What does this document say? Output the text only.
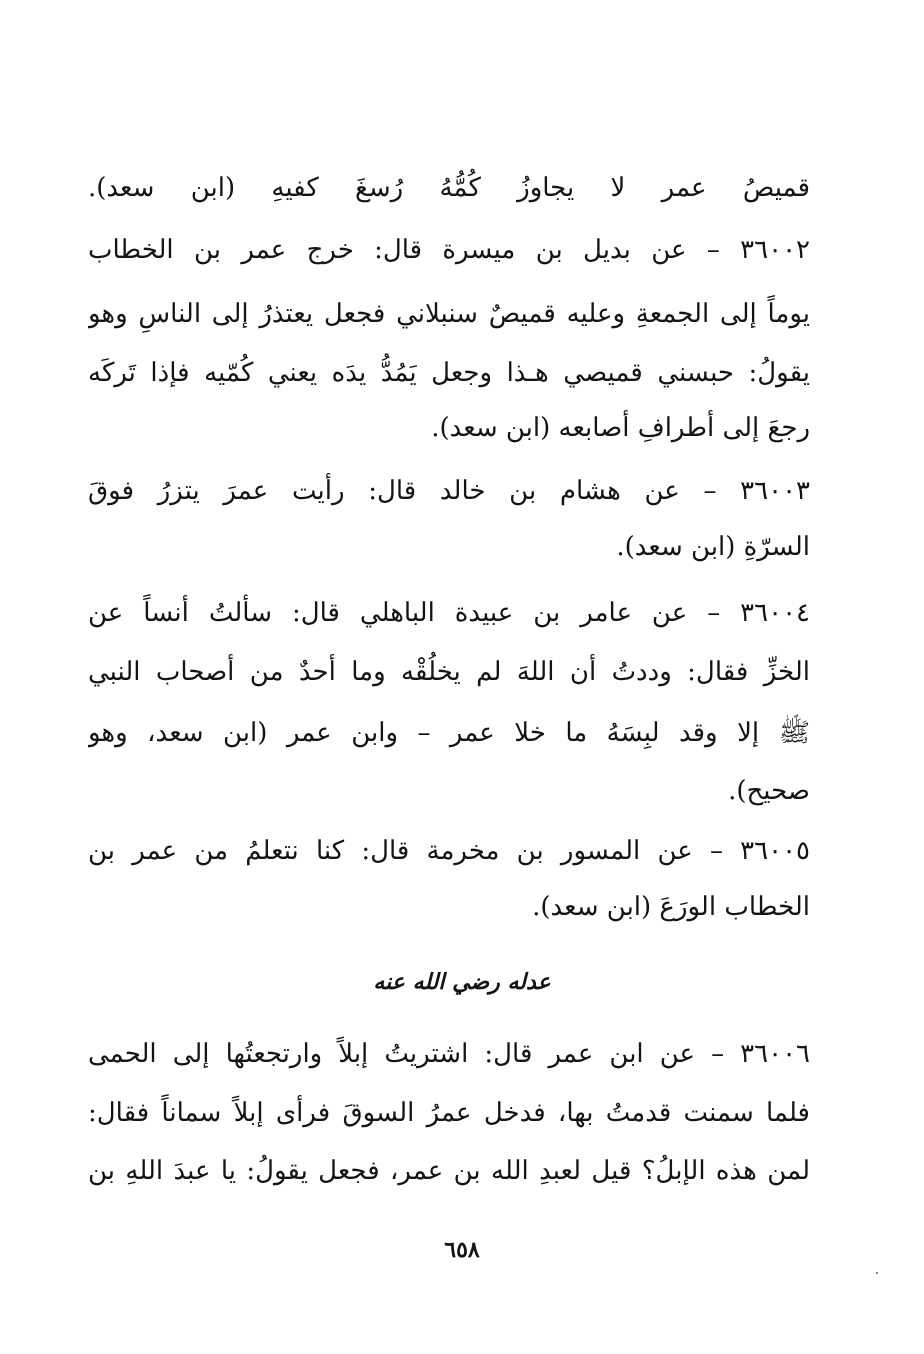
قميصُ عمر لا يجاوزُ كُمُّهُ رُسغَ كفيهِ (ابن سعد).
٣٦٠٠٢ – عن بديل بن ميسرة قال: خرج عمر بن الخطاب
يوماً إلى الجمعةِ وعليه قميصٌ سنبلاني فجعل يعتذرُ إلى الناسِ وهو
يقولُ: حبسني قميصي هـذا وجعل يَمُدُّ يدَه يعني كُمّيه فإذا تَركَه
رجعَ إلى أطرافِ أصابعه (ابن سعد).
٣٦٠٠٣ – عن هشام بن خالد قال: رأيت عمرَ يتزرُ فوقَ
السرّةِ (ابن سعد).
٣٦٠٠٤ – عن عامر بن عبيدة الباهلي قال: سألتُ أنساً عن
الخزِّ فقال: وددتُ أن اللهَ لم يخلُقْه وما أحدٌ من أصحاب النبي
ﷺ إلا وقد لبِسَهُ ما خلا عمر – وابن عمر (ابن سعد، وهو
صحيح).
٣٦٠٠٥ – عن المسور بن مخرمة قال: كنا نتعلمُ من عمر بن
الخطاب الورَعَ (ابن سعد).
٣٦٠٠٦ – عن ابن عمر قال: اشتريتُ إبلاً وارتجعتُها إلى الحمى
فلما سمنت قدمتُ بها، فدخل عمرُ السوقَ فرأى إبلاً سماناً فقال:
لمن هذه الإبلُ؟ قيل لعبدِ الله بن عمر، فجعل يقولُ: يا عبدَ اللهِ بن
عدله رضي الله عنه
٦٥٨
